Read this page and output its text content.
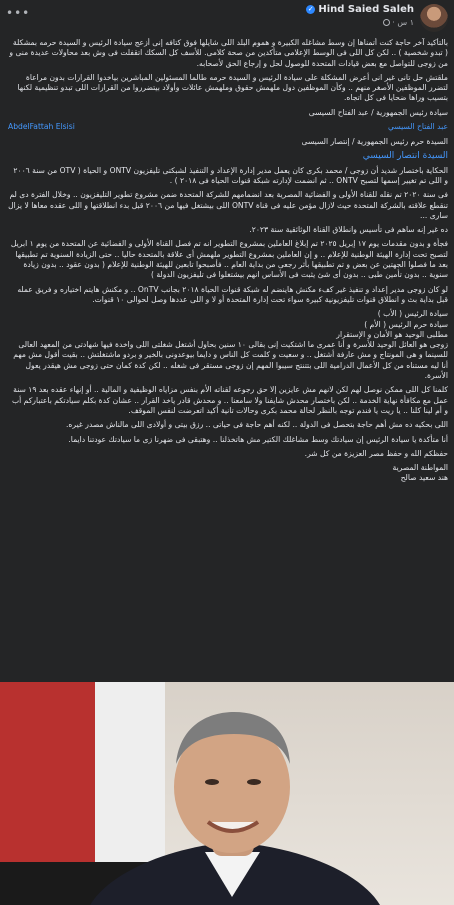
✓ Hind Saied Saleh
١ س ·
•••

بالتأكيد آخر حاجة كنت أتمناها إن وسط مشاغله الكبيرة و هموم البلد اللى شايلها فوق كتافه إنى أزعج سيادة الرئيس و السيدة حرمه بمشكلة ( تبدو شخصية ) .. لكن كل اللى فى الوسط الإعلامى متأكدين من صحة كلامى. للأسف كل السكك اتقفلت فى وش بعد محاولات عديدة منى و من زوجى للتواصل مع بعض قيادات المتحدة للوصول لحل و إرجاع الحق لأصحابه.

ملقتش حل تانى غير انى أعرض المشكلة على سيادة الرئيس و السيدة حرمه طالما المسئولين المباشرين بياخدوا القرارات بدون مراعاة لتضرر الموظفين الأصغر منهم .. وكأن الموظفين دول ملهمش حقوق وملهمش عائلات وأولاد بيتضرروا من القرارات اللى تبدو تنظيمية لكنها بتسيب وراها ضحايا فى كل اتجاه.

سيادة رئيس الجمهورية / عبد الفتاح السيسى

عبد الفتاح السيسي
AbdelFattah Elsisi

السيدة حرم رئيس الجمهورية / إنتصار السيسى

السيدة انتصار السيسي

الحكاية باختصار شديد أن زوجى / محمد بكرى كان يعمل مدير إدارة الإعداد و التنفيذ لشبكتى تليفزيون ONTV و الحياة ( OTV من سنة ٢٠٠٦ و اللى تم تغيير إسمها لتصبح ONTV .. ثم انضمت لإدارته شبكة قنوات الحياة فى ٢٠١٨ ) .

فى سنة ٢٠٢٠ تم نقله للقناة الأولى و الفضائية المصرية بعد انضمامهم للشركة المتحدة ضمن مشروع تطوير التليفزيون .. وخلال الفترة دى لم تنقطع علاقته بالشركة المتحدة حيث لازال مؤمن عليه فى قناة ONTV اللى بيشتغل فيها من ٢٠٠٦ قبل بدء انطلاقتها و اللى عقده معاها لا يزال سارى ...

ده غير إنه ساهم فى تأسيس وانطلاق القناة الوثائقية سنة ٢٠٢٣.

فجأة و بدون مقدمات يوم ١٧ إبريل ٢٠٢٥ تم إبلاغ العاملين بمشروع التطوير انه تم فصل القناة الأولى و الفضائية عن المتحدة من يوم ١ ابريل لتصبح تحت إدارة الهيئة الوطنية للإعلام .. و إن العاملين بمشروع التطوير ملهمش أى علاقة بالمتحدة حاليا .. حتى الزيادة السنوية تم تطبيقها بعد ما فصلوا الجهتين عن بعض و تم تطبيقها بأثر رجعى من بداية العام .. فأصبحوا تابعين للهيئة الوطنية للإعلام ( بدون عقود .. بدون زيادة سنوية .. بدون تأمين طبى .. بدون أى شئ يثبت فى الأساس انهم بيشتغلوا فى تليفزيون الدولة )

لو كان زوجى مدير إعداد و تنفيذ غير كفء مكنش هاينضم له شبكة قنوات الحياة ٢٠١٨ بجانب OnTV .. و مكنش هايتم اختياره و فريق عمله قبل بداية بث و انطلاق قنوات تليفزيونية كبيرة سواء تحت إدارة المتحدة أو لا و اللى عددها وصل لحوالى ١٠ قنوات.

سيادة الرئيس ( الأب )
سيادة حرم الرئيس ( الأم )
مطلبى الوحيد هو الأمان و الإستقرار

زوجى هو العائل الوحيد للأسرة و أنا عمرى ما اشتكيت إنى بقالى ١٠ سنين بحاول أشتغل شغلتى اللى واخدة فيها شهادتى من المعهد العالى للسينما و هى المونتاج و مش عارفة أشتغل .. و سعيت و كلمت كل الناس و دايما بيوعدونى بالخير و بردو ماشتغلتش .. بقيت أقول مش مهم أنا ليه مستناه من كل الأعمال الدرامية اللى بتتنتج سيبوا المهم إن زوجى مستقر فى شغله .. لكن كدة كمان حتى زوجى مش هيقدر يعول الأسرة.

كلمنا كل اللى ممكن نوصل لهم لكن لانهم مش عايزين إلا حق رجوعه لقناته الأم بنفس مزاياه الوظيفية و المالية .. أو إنهاء عقده بعد ١٩ سنة عمل مع مكافأة نهاية الخدمة .. لكن باختصار محدش شايفنا ولا سامعنا .. و محدش قادر ياخد القرار .. عشان كدة بكلم سيادتكم باعتباركم أب و أم لينا كلنا .. يا ريت يا فندم توجه بالنظر لحالة محمد بكرى وحالات تانية أكيد اتعرضت لنفس الموقف.

اللى بحكيه ده مش أهم حاجة بتحصل فى الدولة .. لكنه أهم حاجة فى حياتى .. رزق بيتى و أولادى اللى مالناش مصدر غيره.

أنا متأكدة يا سيادة الرئيس إن سيادتك وسط مشاغلك الكتير مش هاتخذلنا .. وهتبقى فى ضهرنا زى ما سيادتك عودتنا دايما.

حفظكم الله و حفظ مصر العزيزة من كل شر.

المواطنة المصرية
هند سعيد صالح
